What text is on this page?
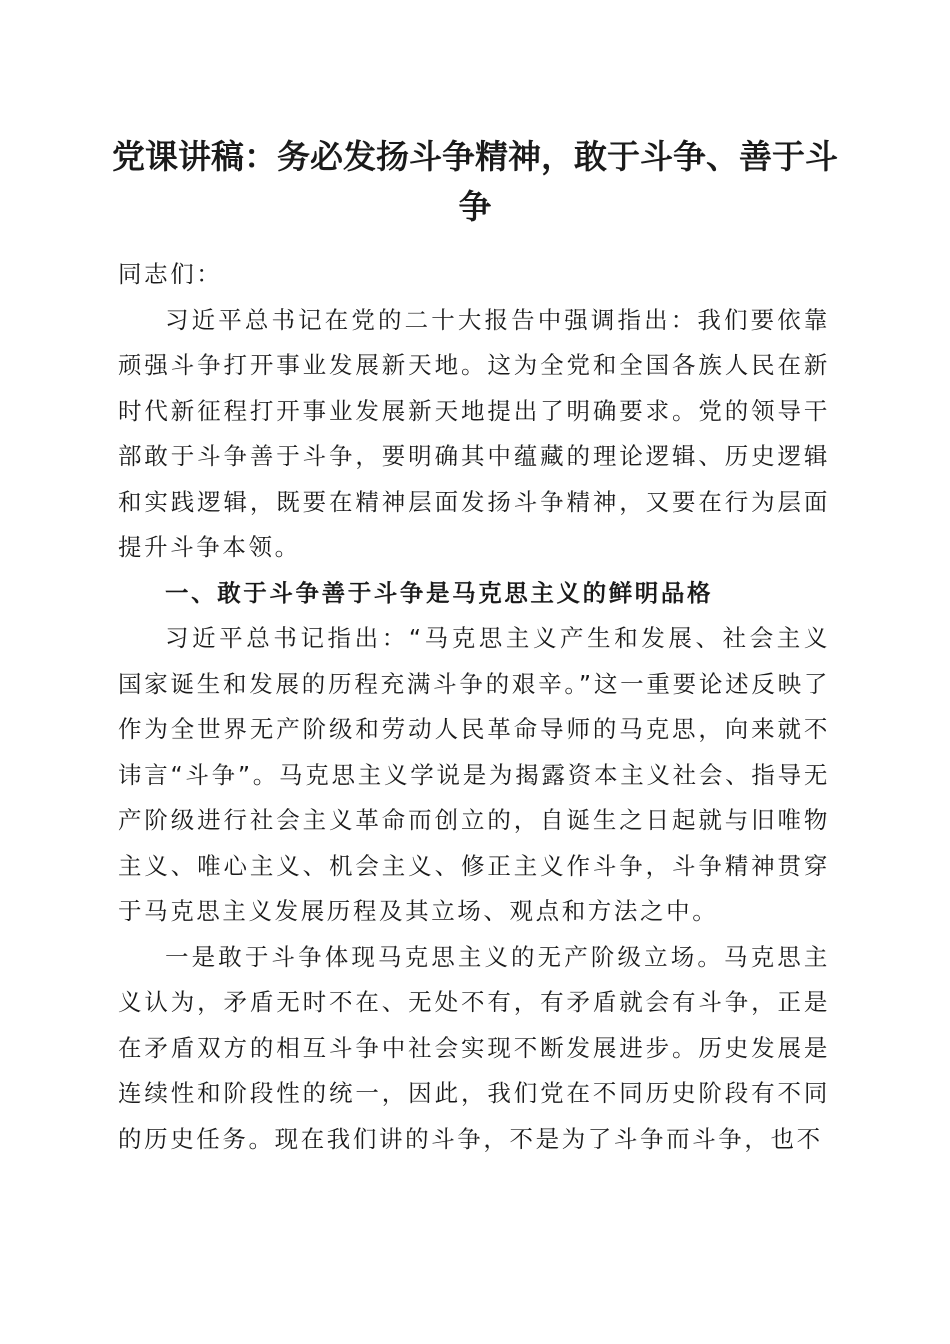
党课讲稿：务必发扬斗争精神，敢于斗争、善于斗争

同志们：

习近平总书记在党的二十大报告中强调指出：我们要依靠顽强斗争打开事业发展新天地。这为全党和全国各族人民在新时代新征程打开事业发展新天地提出了明确要求。党的领导干部敢于斗争善于斗争，要明确其中蕴藏的理论逻辑、历史逻辑和实践逻辑，既要在精神层面发扬斗争精神，又要在行为层面提升斗争本领。

一、敢于斗争善于斗争是马克思主义的鲜明品格

习近平总书记指出：“马克思主义产生和发展、社会主义国家诞生和发展的历程充满斗争的艰辛。”这一重要论述反映了作为全世界无产阶级和劳动人民革命导师的马克思，向来就不讳言“斗争”。马克思主义学说是为揭露资本主义社会、指导无产阶级进行社会主义革命而创立的，自诞生之日起就与旧唯物主义、唯心主义、机会主义、修正主义作斗争，斗争精神贯穿于马克思主义发展历程及其立场、观点和方法之中。

一是敢于斗争体现马克思主义的无产阶级立场。马克思主义认为，矛盾无时不在、无处不有，有矛盾就会有斗争，正是在矛盾双方的相互斗争中社会实现不断发展进步。历史发展是连续性和阶段性的统一，因此，我们党在不同历史阶段有不同的历史任务。现在我们讲的斗争，不是为了斗争而斗争，也不
